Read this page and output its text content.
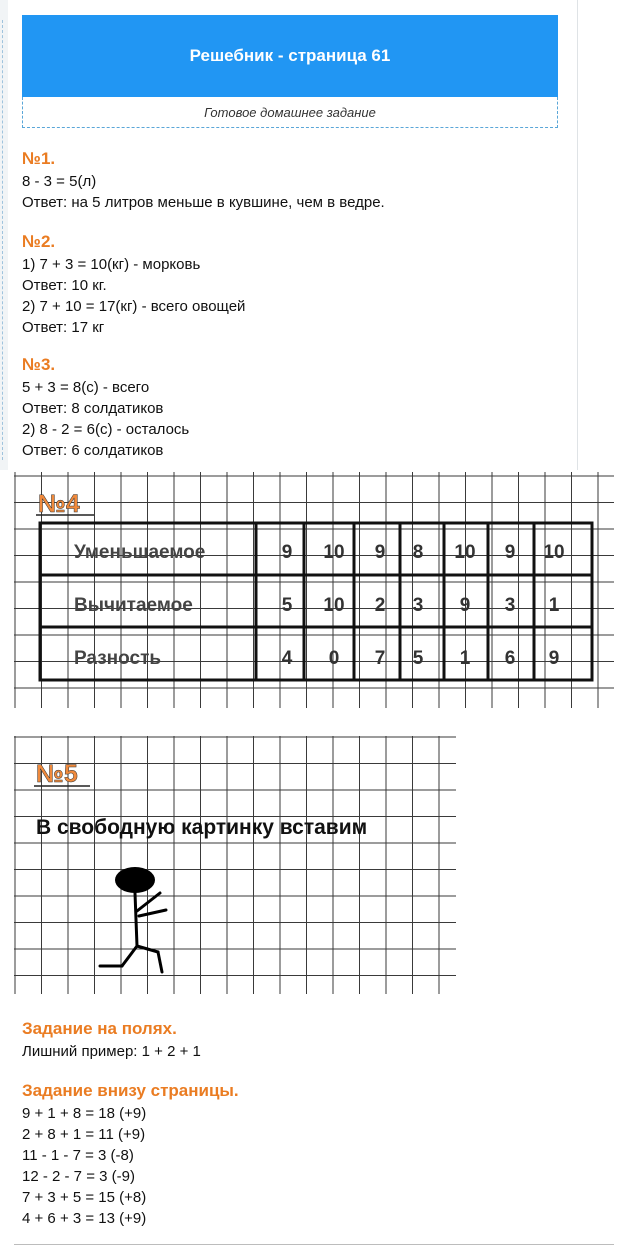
Решебник - страница 61
Готовое домашнее задание
№1.
8 - 3 = 5(л)
Ответ: на 5 литров меньше в кувшине, чем в ведре.
№2.
1) 7 + 3 = 10(кг) - морковь
Ответ: 10 кг.
2) 7 + 10 = 17(кг) - всего овощей
Ответ: 17 кг
№3.
5 + 3 = 8(с) - всего
Ответ: 8 солдатиков
2) 8 - 2 = 6(с) - осталось
Ответ: 6 солдатиков
№4
Уменьшаемое
Вычитаемое
Разность
9 10 9 8 10 9 10
5 10 2 3 9 3 1
4 0 7 5 1 6 9
№5
В свободную картинку вставим
Задание на полях.
Лишний пример: 1 + 2 + 1
Задание внизу страницы.
9 + 1 + 8 = 18 (+9)
2 + 8 + 1 = 11 (+9)
11 - 1 - 7 = 3 (-8)
12 - 2 - 7 = 3 (-9)
7 + 3 + 5 = 15 (+8)
4 + 6 + 3 = 13 (+9)
